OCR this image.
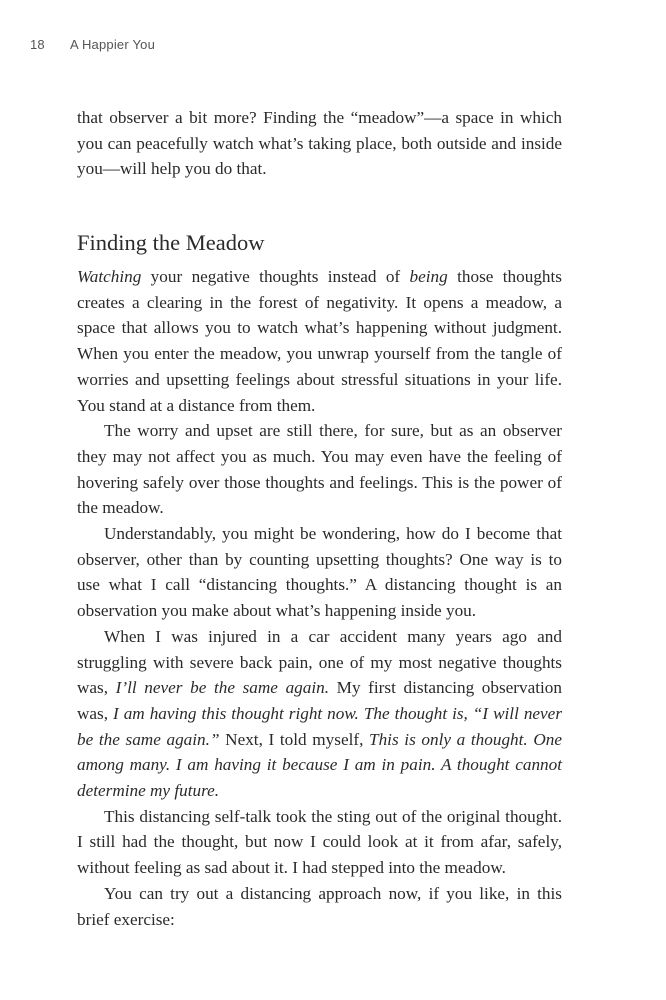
18 A Happier You

that observer a bit more? Finding the “meadow”—a space in which you can peacefully watch what’s taking place, both outside and inside you—will help you do that.

Finding the Meadow

Watching your negative thoughts instead of being those thoughts creates a clearing in the forest of negativity. It opens a meadow, a space that allows you to watch what’s happening without judgment. When you enter the meadow, you unwrap yourself from the tangle of worries and upsetting feelings about stressful situations in your life. You stand at a distance from them.

The worry and upset are still there, for sure, but as an observer they may not affect you as much. You may even have the feeling of hovering safely over those thoughts and feelings. This is the power of the meadow.

Understandably, you might be wondering, how do I become that observer, other than by counting upsetting thoughts? One way is to use what I call “distancing thoughts.” A distancing thought is an observation you make about what’s happening inside you.

When I was injured in a car accident many years ago and struggling with severe back pain, one of my most negative thoughts was, I’ll never be the same again. My first distancing observation was, I am having this thought right now. The thought is, “I will never be the same again.” Next, I told myself, This is only a thought. One among many. I am having it because I am in pain. A thought cannot determine my future.

This distancing self-talk took the sting out of the original thought. I still had the thought, but now I could look at it from afar, safely, without feeling as sad about it. I had stepped into the meadow.

You can try out a distancing approach now, if you like, in this brief exercise:
